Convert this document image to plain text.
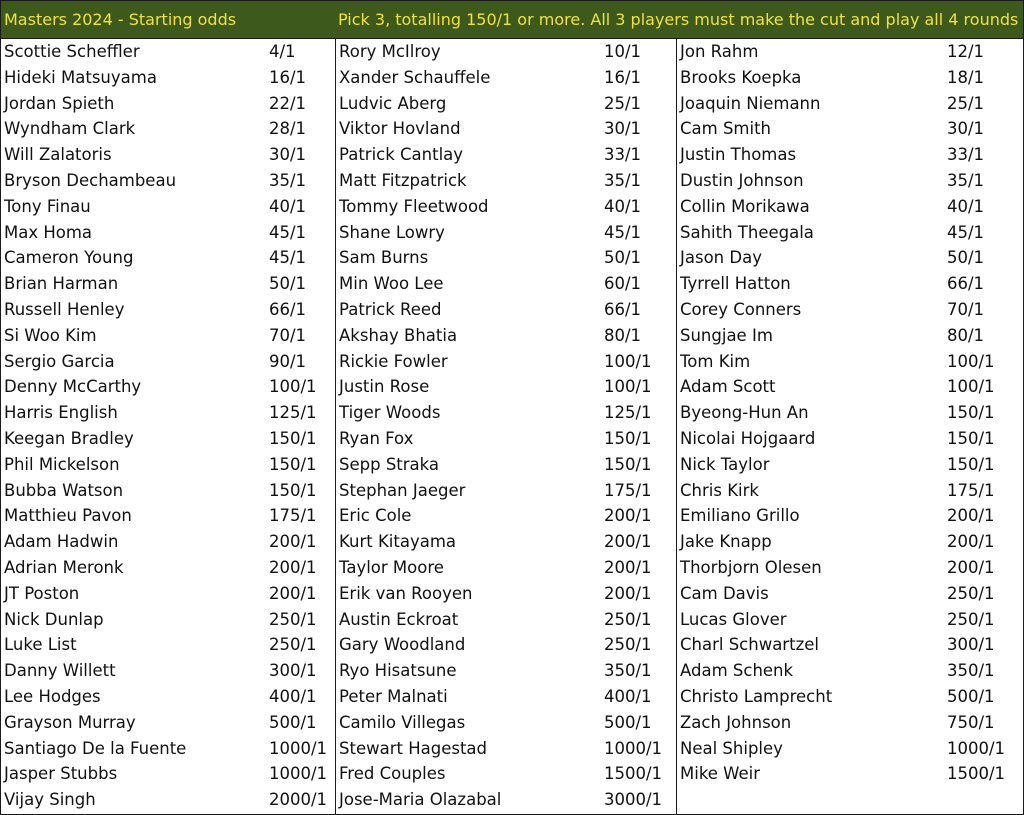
Masters 2024 - Starting odds	Pick 3, totalling 150/1 or more. All 3 players must make the cut and play all 4 rounds
Scottie Scheffler	4/1
Hideki Matsuyama	16/1
Jordan Spieth	22/1
Wyndham Clark	28/1
Will Zalatoris	30/1
Bryson Dechambeau	35/1
Tony Finau	40/1
Max Homa	45/1
Cameron Young	45/1
Brian Harman	50/1
Russell Henley	66/1
Si Woo Kim	70/1
Sergio Garcia	90/1
Denny McCarthy	100/1
Harris English	125/1
Keegan Bradley	150/1
Phil Mickelson	150/1
Bubba Watson	150/1
Matthieu Pavon	175/1
Adam Hadwin	200/1
Adrian Meronk	200/1
JT Poston	200/1
Nick Dunlap	250/1
Luke List	250/1
Danny Willett	300/1
Lee Hodges	400/1
Grayson Murray	500/1
Santiago De la Fuente	1000/1
Jasper Stubbs	1000/1
Vijay Singh	2000/1
Rory McIlroy	10/1
Xander Schauffele	16/1
Ludvic Aberg	25/1
Viktor Hovland	30/1
Patrick Cantlay	33/1
Matt Fitzpatrick	35/1
Tommy Fleetwood	40/1
Shane Lowry	45/1
Sam Burns	50/1
Min Woo Lee	60/1
Patrick Reed	66/1
Akshay Bhatia	80/1
Rickie Fowler	100/1
Justin Rose	100/1
Tiger Woods	125/1
Ryan Fox	150/1
Sepp Straka	150/1
Stephan Jaeger	175/1
Eric Cole	200/1
Kurt Kitayama	200/1
Taylor Moore	200/1
Erik van Rooyen	200/1
Austin Eckroat	250/1
Gary Woodland	250/1
Ryo Hisatsune	350/1
Peter Malnati	400/1
Camilo Villegas	500/1
Stewart Hagestad	1000/1
Fred Couples	1500/1
Jose-Maria Olazabal	3000/1
Jon Rahm	12/1
Brooks Koepka	18/1
Joaquin Niemann	25/1
Cam Smith	30/1
Justin Thomas	33/1
Dustin Johnson	35/1
Collin Morikawa	40/1
Sahith Theegala	45/1
Jason Day	50/1
Tyrrell Hatton	66/1
Corey Conners	70/1
Sungjae Im	80/1
Tom Kim	100/1
Adam Scott	100/1
Byeong-Hun An	150/1
Nicolai Hojgaard	150/1
Nick Taylor	150/1
Chris Kirk	175/1
Emiliano Grillo	200/1
Jake Knapp	200/1
Thorbjorn Olesen	200/1
Cam Davis	250/1
Lucas Glover	250/1
Charl Schwartzel	300/1
Adam Schenk	350/1
Christo Lamprecht	500/1
Zach Johnson	750/1
Neal Shipley	1000/1
Mike Weir	1500/1
